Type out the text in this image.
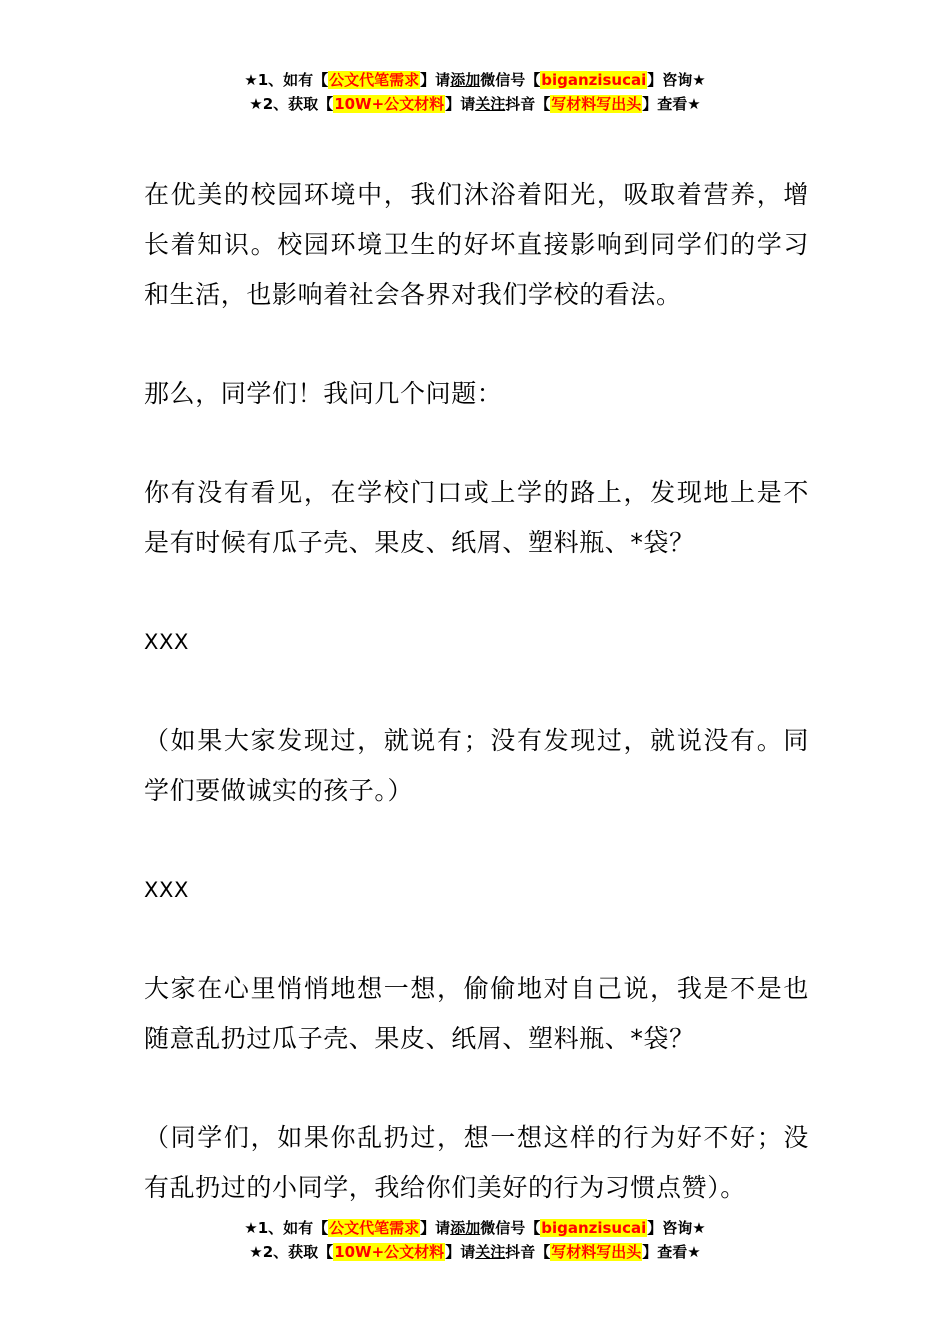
★1、如有【公文代笔需求】请添加微信号【biganzisucai】咨询★
★2、获取【10W+公文材料】请关注抖音【写材料写出头】查看★

在优美的校园环境中，我们沐浴着阳光，吸取着营养，增长着知识。校园环境卫生的好坏直接影响到同学们的学习和生活，也影响着社会各界对我们学校的看法。

那么，同学们！我问几个问题：

你有没有看见，在学校门口或上学的路上，发现地上是不是有时候有瓜子壳、果皮、纸屑、塑料瓶、*袋？

XXX

（如果大家发现过，就说有；没有发现过，就说没有。同学们要做诚实的孩子。）

XXX

大家在心里悄悄地想一想，偷偷地对自己说，我是不是也随意乱扔过瓜子壳、果皮、纸屑、塑料瓶、*袋？

（同学们，如果你乱扔过，想一想这样的行为好不好；没有乱扔过的小同学，我给你们美好的行为习惯点赞）。

★1、如有【公文代笔需求】请添加微信号【biganzisucai】咨询★
★2、获取【10W+公文材料】请关注抖音【写材料写出头】查看★
